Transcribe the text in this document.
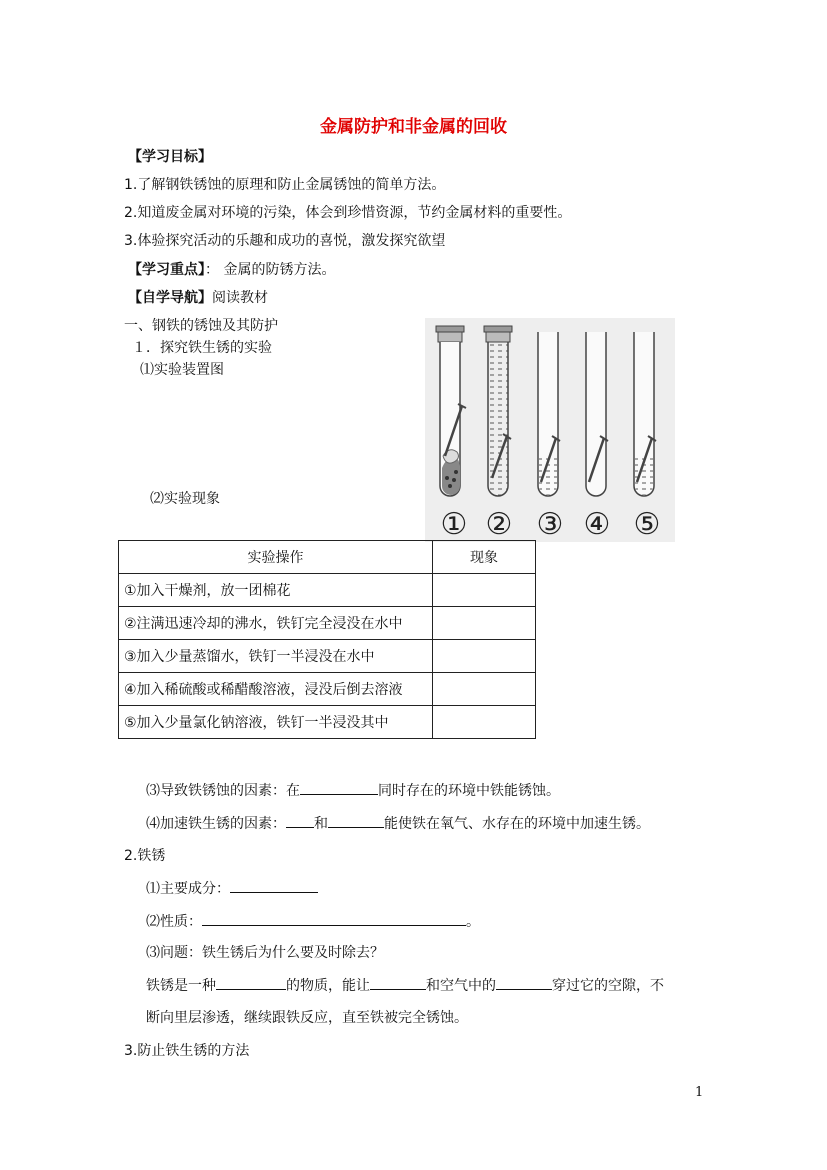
金属防护和非金属的回收
【学习目标】
1.了解钢铁锈蚀的原理和防止金属锈蚀的简单方法。
2.知道废金属对环境的污染，体会到珍惜资源，节约金属材料的重要性。
3.体验探究活动的乐趣和成功的喜悦，激发探究欲望
【学习重点】： 金属的防锈方法。
【自学导航】阅读教材
一、钢铁的锈蚀及其防护
１．探究铁生锈的实验
⑴实验装置图
⑵实验现象
① ② ③ ④ ⑤
实验操作	现象
①加入干燥剂，放一团棉花	
②注满迅速冷却的沸水，铁钉完全浸没在水中	
③加入少量蒸馏水，铁钉一半浸没在水中	
④加入稀硫酸或稀醋酸溶液，浸没后倒去溶液	
⑤加入少量氯化钠溶液，铁钉一半浸没其中	
⑶导致铁锈蚀的因素：在	同时存在的环境中铁能锈蚀。
⑷加速铁生锈的因素： 和	能使铁在氧气、水存在的环境中加速生锈。
2.铁锈
⑴主要成分：
⑵性质：	。
⑶问题：铁生锈后为什么要及时除去？
铁锈是一种	的物质，能让	和空气中的	穿过它的空隙，不
断向里层渗透，继续跟铁反应，直至铁被完全锈蚀。
3.防止铁生锈的方法
1
